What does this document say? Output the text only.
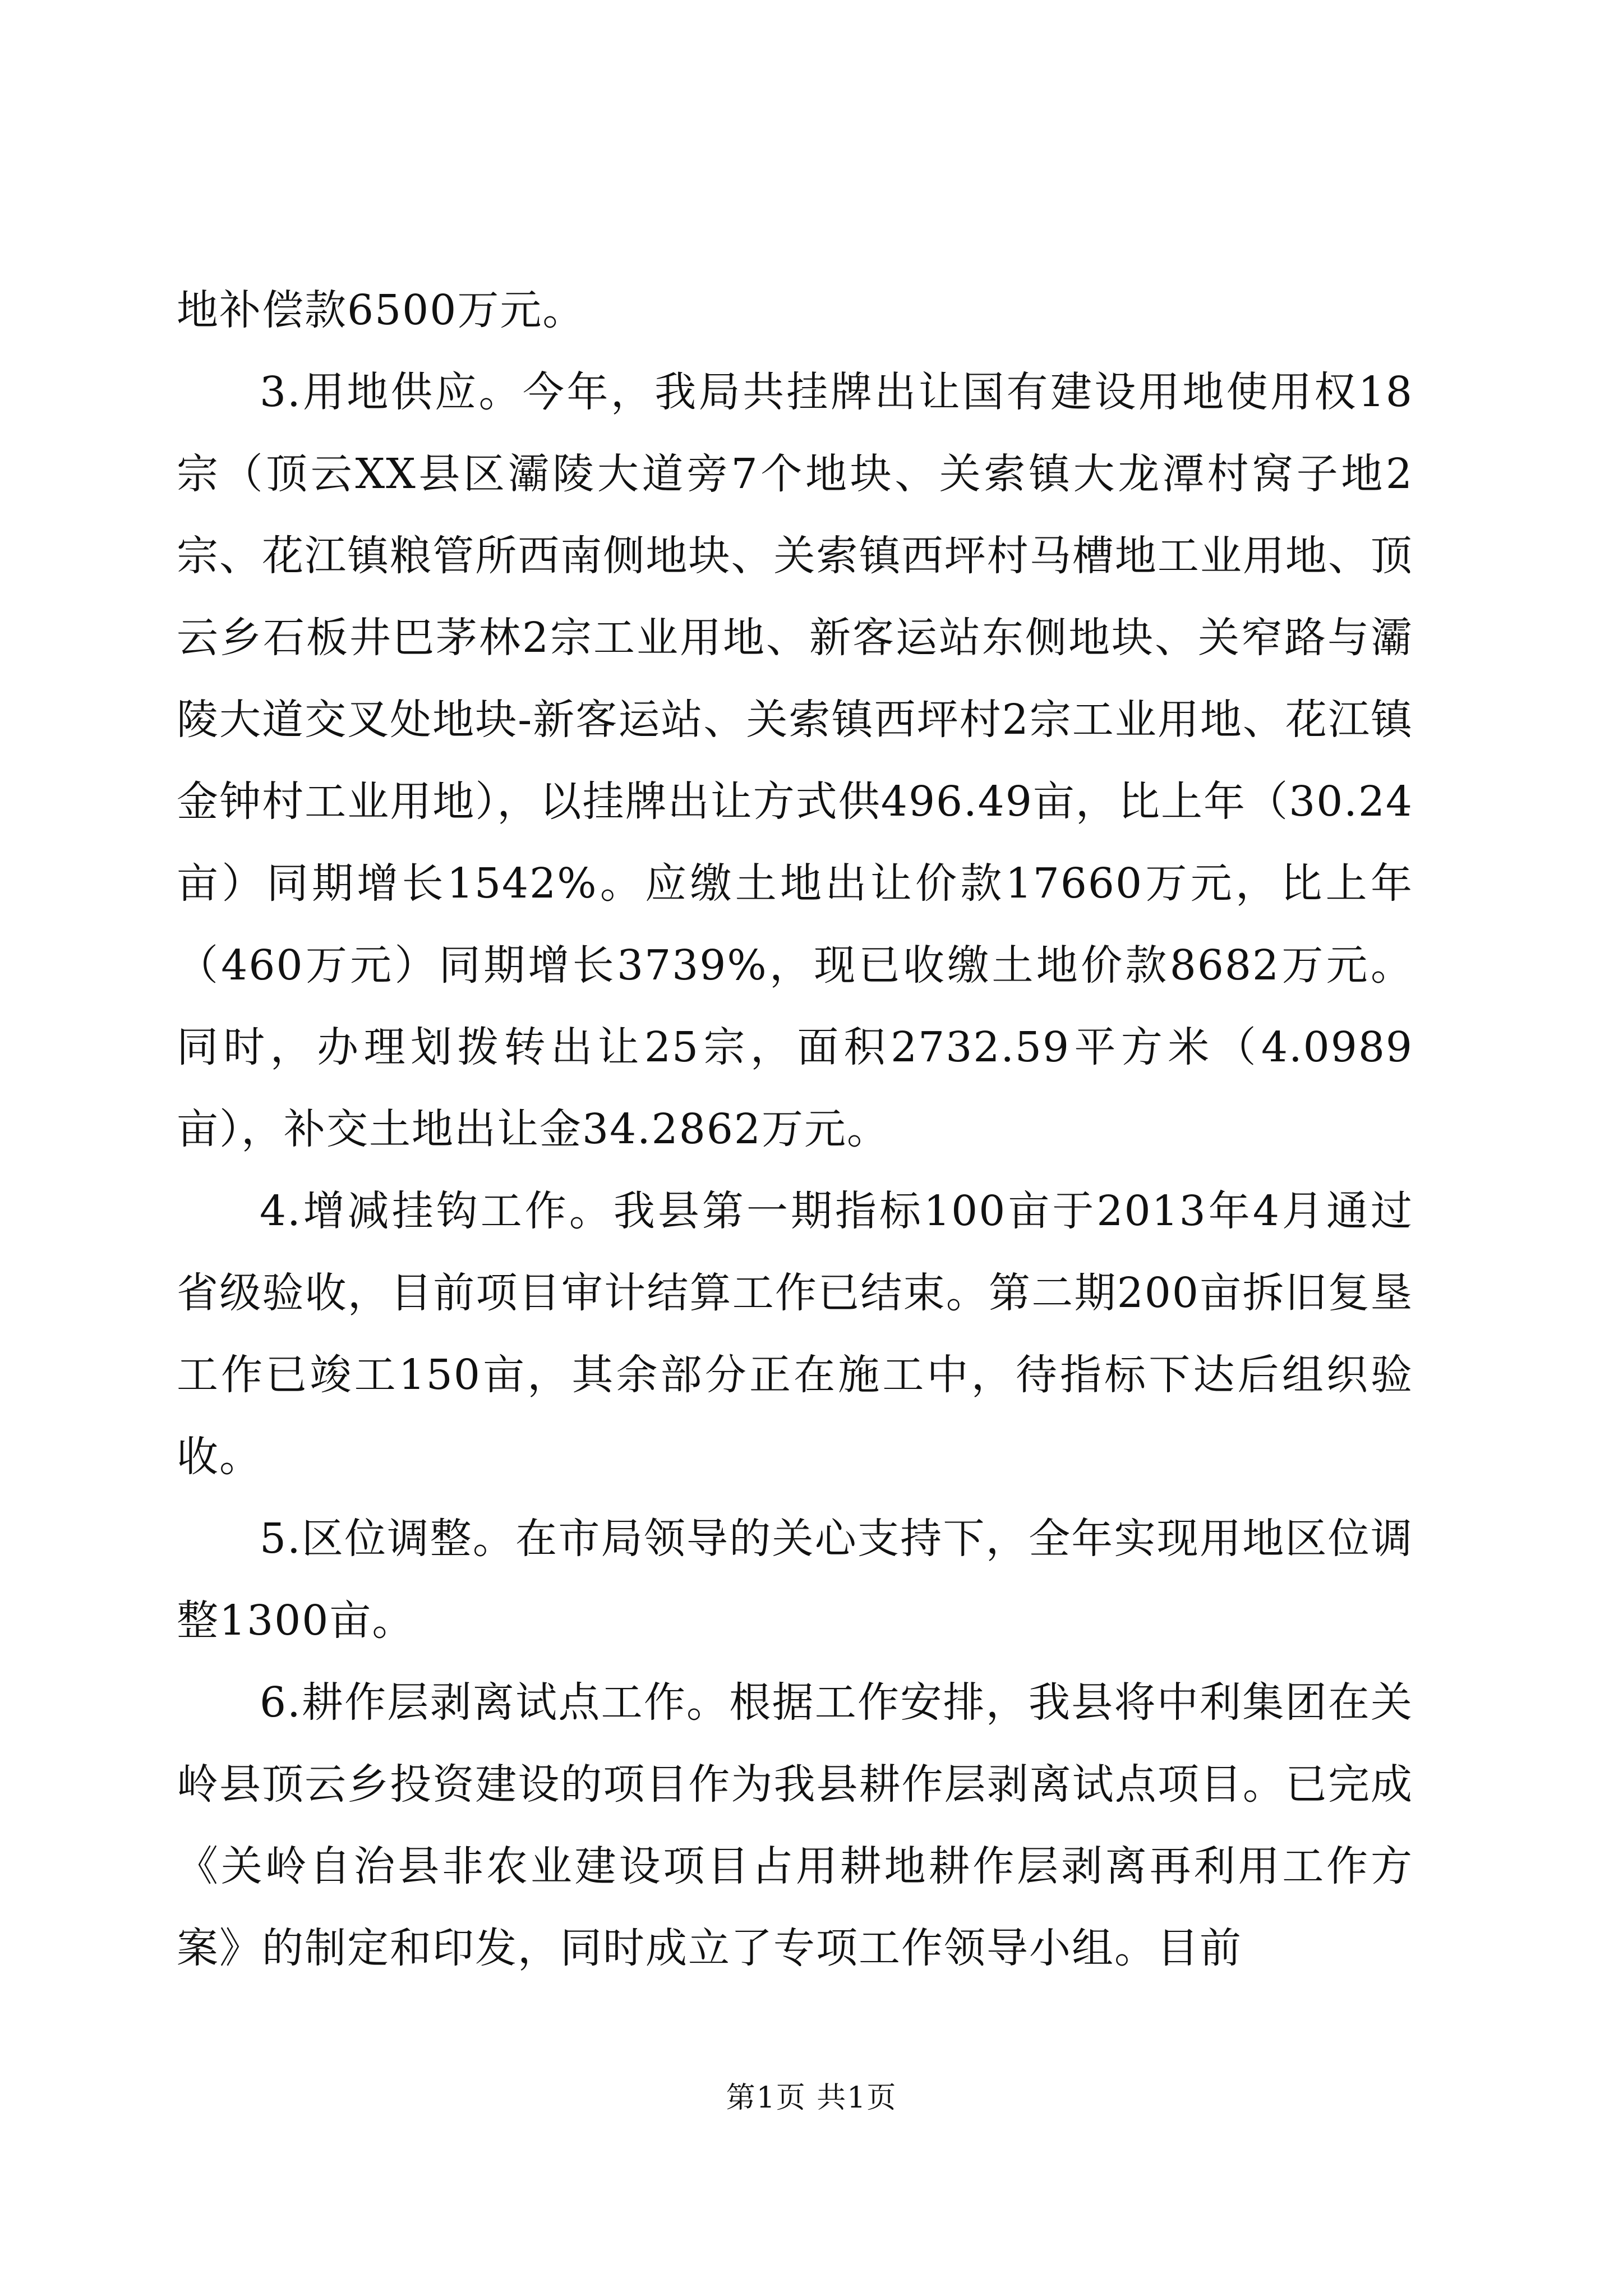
地补偿款6500万元。

3.用地供应。今年，我局共挂牌出让国有建设用地使用权18宗（顶云XX县区灞陵大道旁7个地块、关索镇大龙潭村窝子地2宗、花江镇粮管所西南侧地块、关索镇西坪村马槽地工业用地、顶云乡石板井巴茅林2宗工业用地、新客运站东侧地块、关窄路与灞陵大道交叉处地块-新客运站、关索镇西坪村2宗工业用地、花江镇金钟村工业用地），以挂牌出让方式供496.49亩，比上年（30.24亩）同期增长1542%。应缴土地出让价款17660万元，比上年（460万元）同期增长3739%，现已收缴土地价款8682万元。同时，办理划拨转出让25宗，面积2732.59平方米（4.0989亩），补交土地出让金34.2862万元。

4.增减挂钩工作。我县第一期指标100亩于2013年4月通过省级验收，目前项目审计结算工作已结束。第二期200亩拆旧复垦工作已竣工150亩，其余部分正在施工中，待指标下达后组织验收。

5.区位调整。在市局领导的关心支持下，全年实现用地区位调整1300亩。

6.耕作层剥离试点工作。根据工作安排，我县将中利集团在关岭县顶云乡投资建设的项目作为我县耕作层剥离试点项目。已完成《关岭自治县非农业建设项目占用耕地耕作层剥离再利用工作方案》的制定和印发，同时成立了专项工作领导小组。目前

第1页 共1页
